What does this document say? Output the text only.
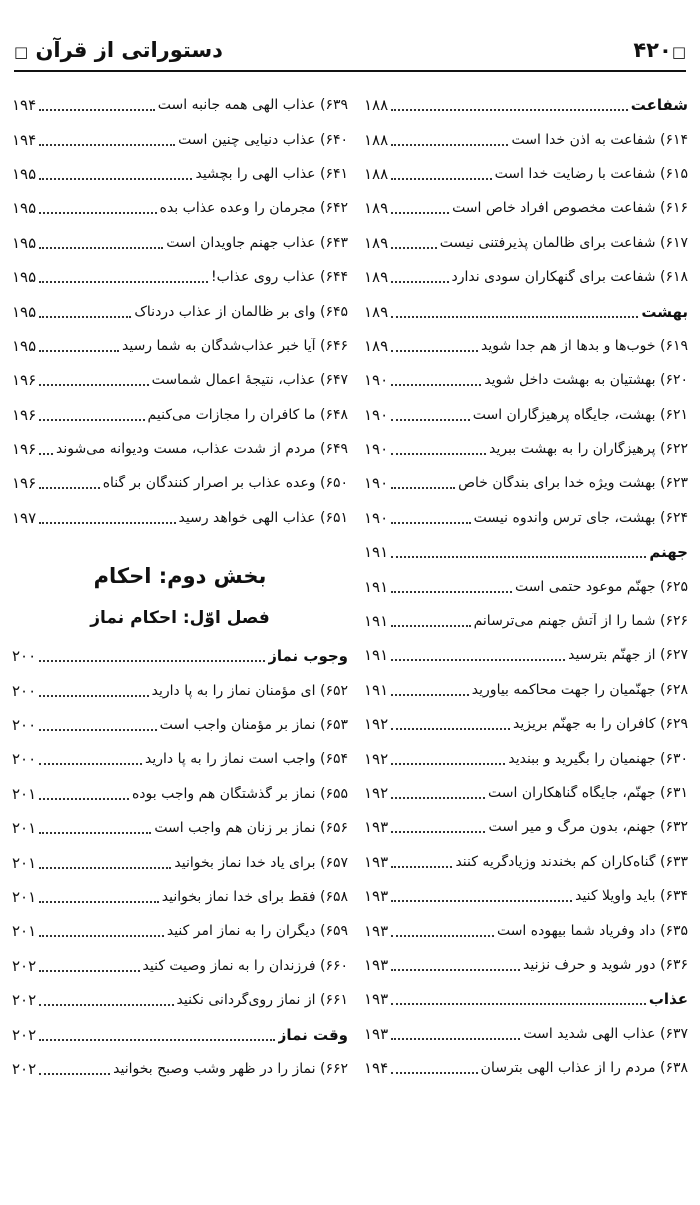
□۴۲۰
دستوراتی از قرآن □
شفاعت
۱۸۸
۶۱۴) شفاعت به اذن خدا است
۱۸۸
۶۱۵) شفاعت با رضایت خدا است
۱۸۸
۶۱۶) شفاعت مخصوص افراد خاص است
۱۸۹
۶۱۷) شفاعت برای ظالمان پذیرفتنی نیست
۱۸۹
۶۱۸) شفاعت برای گنهکاران سودی ندارد
۱۸۹
بهشت
۱۸۹
۶۱۹) خوب‌ها و بدها از هم جدا شوید
۱۸۹
۶۲۰) بهشتیان به بهشت داخل شوید
۱۹۰
۶۲۱) بهشت، جایگاه پرهیزگاران است
۱۹۰
۶۲۲) پرهیزگاران را به بهشت ببرید
۱۹۰
۶۲۳) بهشت ویژه خدا برای بندگان خاص
۱۹۰
۶۲۴) بهشت، جای ترس واندوه نیست
۱۹۰
جهنم
۱۹۱
۶۲۵) جهنّم موعود حتمی است
۱۹۱
۶۲۶) شما را از آتش جهنم می‌ترسانم
۱۹۱
۶۲۷) از جهنّم بترسید
۱۹۱
۶۲۸) جهنّمیان را جهت محاکمه بیاورید
۱۹۱
۶۲۹) کافران را به جهنّم بریزید
۱۹۲
۶۳۰) جهنمیان را بگیرید و ببندید
۱۹۲
۶۳۱) جهنّم، جایگاه گناهکاران است
۱۹۲
۶۳۲) جهنم، بدون مرگ و میر است
۱۹۳
۶۳۳) گناه‌کاران کم بخندند وزیادگریه کنند
۱۹۳
۶۳۴) باید واویلا کنید
۱۹۳
۶۳۵) داد وفریاد شما بیهوده است
۱۹۳
۶۳۶) دور شوید و حرف نزنید
۱۹۳
عذاب
۱۹۳
۶۳۷) عذاب الهی شدید است
۱۹۳
۶۳۸) مردم را از عذاب الهی بترسان
۱۹۴
۶۳۹) عذاب الهی همه جانبه است
۱۹۴
۶۴۰) عذاب دنیایی چنین است
۱۹۴
۶۴۱) عذاب الهی را بچشید
۱۹۵
۶۴۲) مجرمان را وعده عذاب بده
۱۹۵
۶۴۳) عذاب جهنم جاویدان است
۱۹۵
۶۴۴) عذاب روی عذاب!
۱۹۵
۶۴۵) وای بر ظالمان از عذاب دردناک
۱۹۵
۶۴۶) آیا خبر عذاب‌شدگان به شما رسید
۱۹۵
۶۴۷) عذاب، نتیجهٔ اعمال شماست
۱۹۶
۶۴۸) ما کافران را مجازات می‌کنیم
۱۹۶
۶۴۹) مردم از شدت عذاب، مست ودیوانه می‌شوند
۱۹۶
۶۵۰) وعده عذاب بر اصرار کنندگان بر گناه
۱۹۶
۶۵۱) عذاب الهی خواهد رسید
۱۹۷
بخش دوم: احکام
فصل اوّل: احکام نماز
وجوب نماز
۲۰۰
۶۵۲) ای مؤمنان نماز را به پا دارید
۲۰۰
۶۵۳) نماز بر مؤمنان واجب است
۲۰۰
۶۵۴) واجب است نماز را به پا دارید
۲۰۰
۶۵۵) نماز بر گذشتگان هم واجب بوده
۲۰۱
۶۵۶) نماز بر زنان هم واجب است
۲۰۱
۶۵۷) برای یاد خدا نماز بخوانید
۲۰۱
۶۵۸) فقط برای خدا نماز بخوانید
۲۰۱
۶۵۹) دیگران را به نماز امر کنید
۲۰۱
۶۶۰) فرزندان را به نماز وصیت کنید
۲۰۲
۶۶۱) از نماز روی‌گردانی نکنید
۲۰۲
وقت نماز
۲۰۲
۶۶۲) نماز را در ظهر وشب وصبح بخوانید
۲۰۲
